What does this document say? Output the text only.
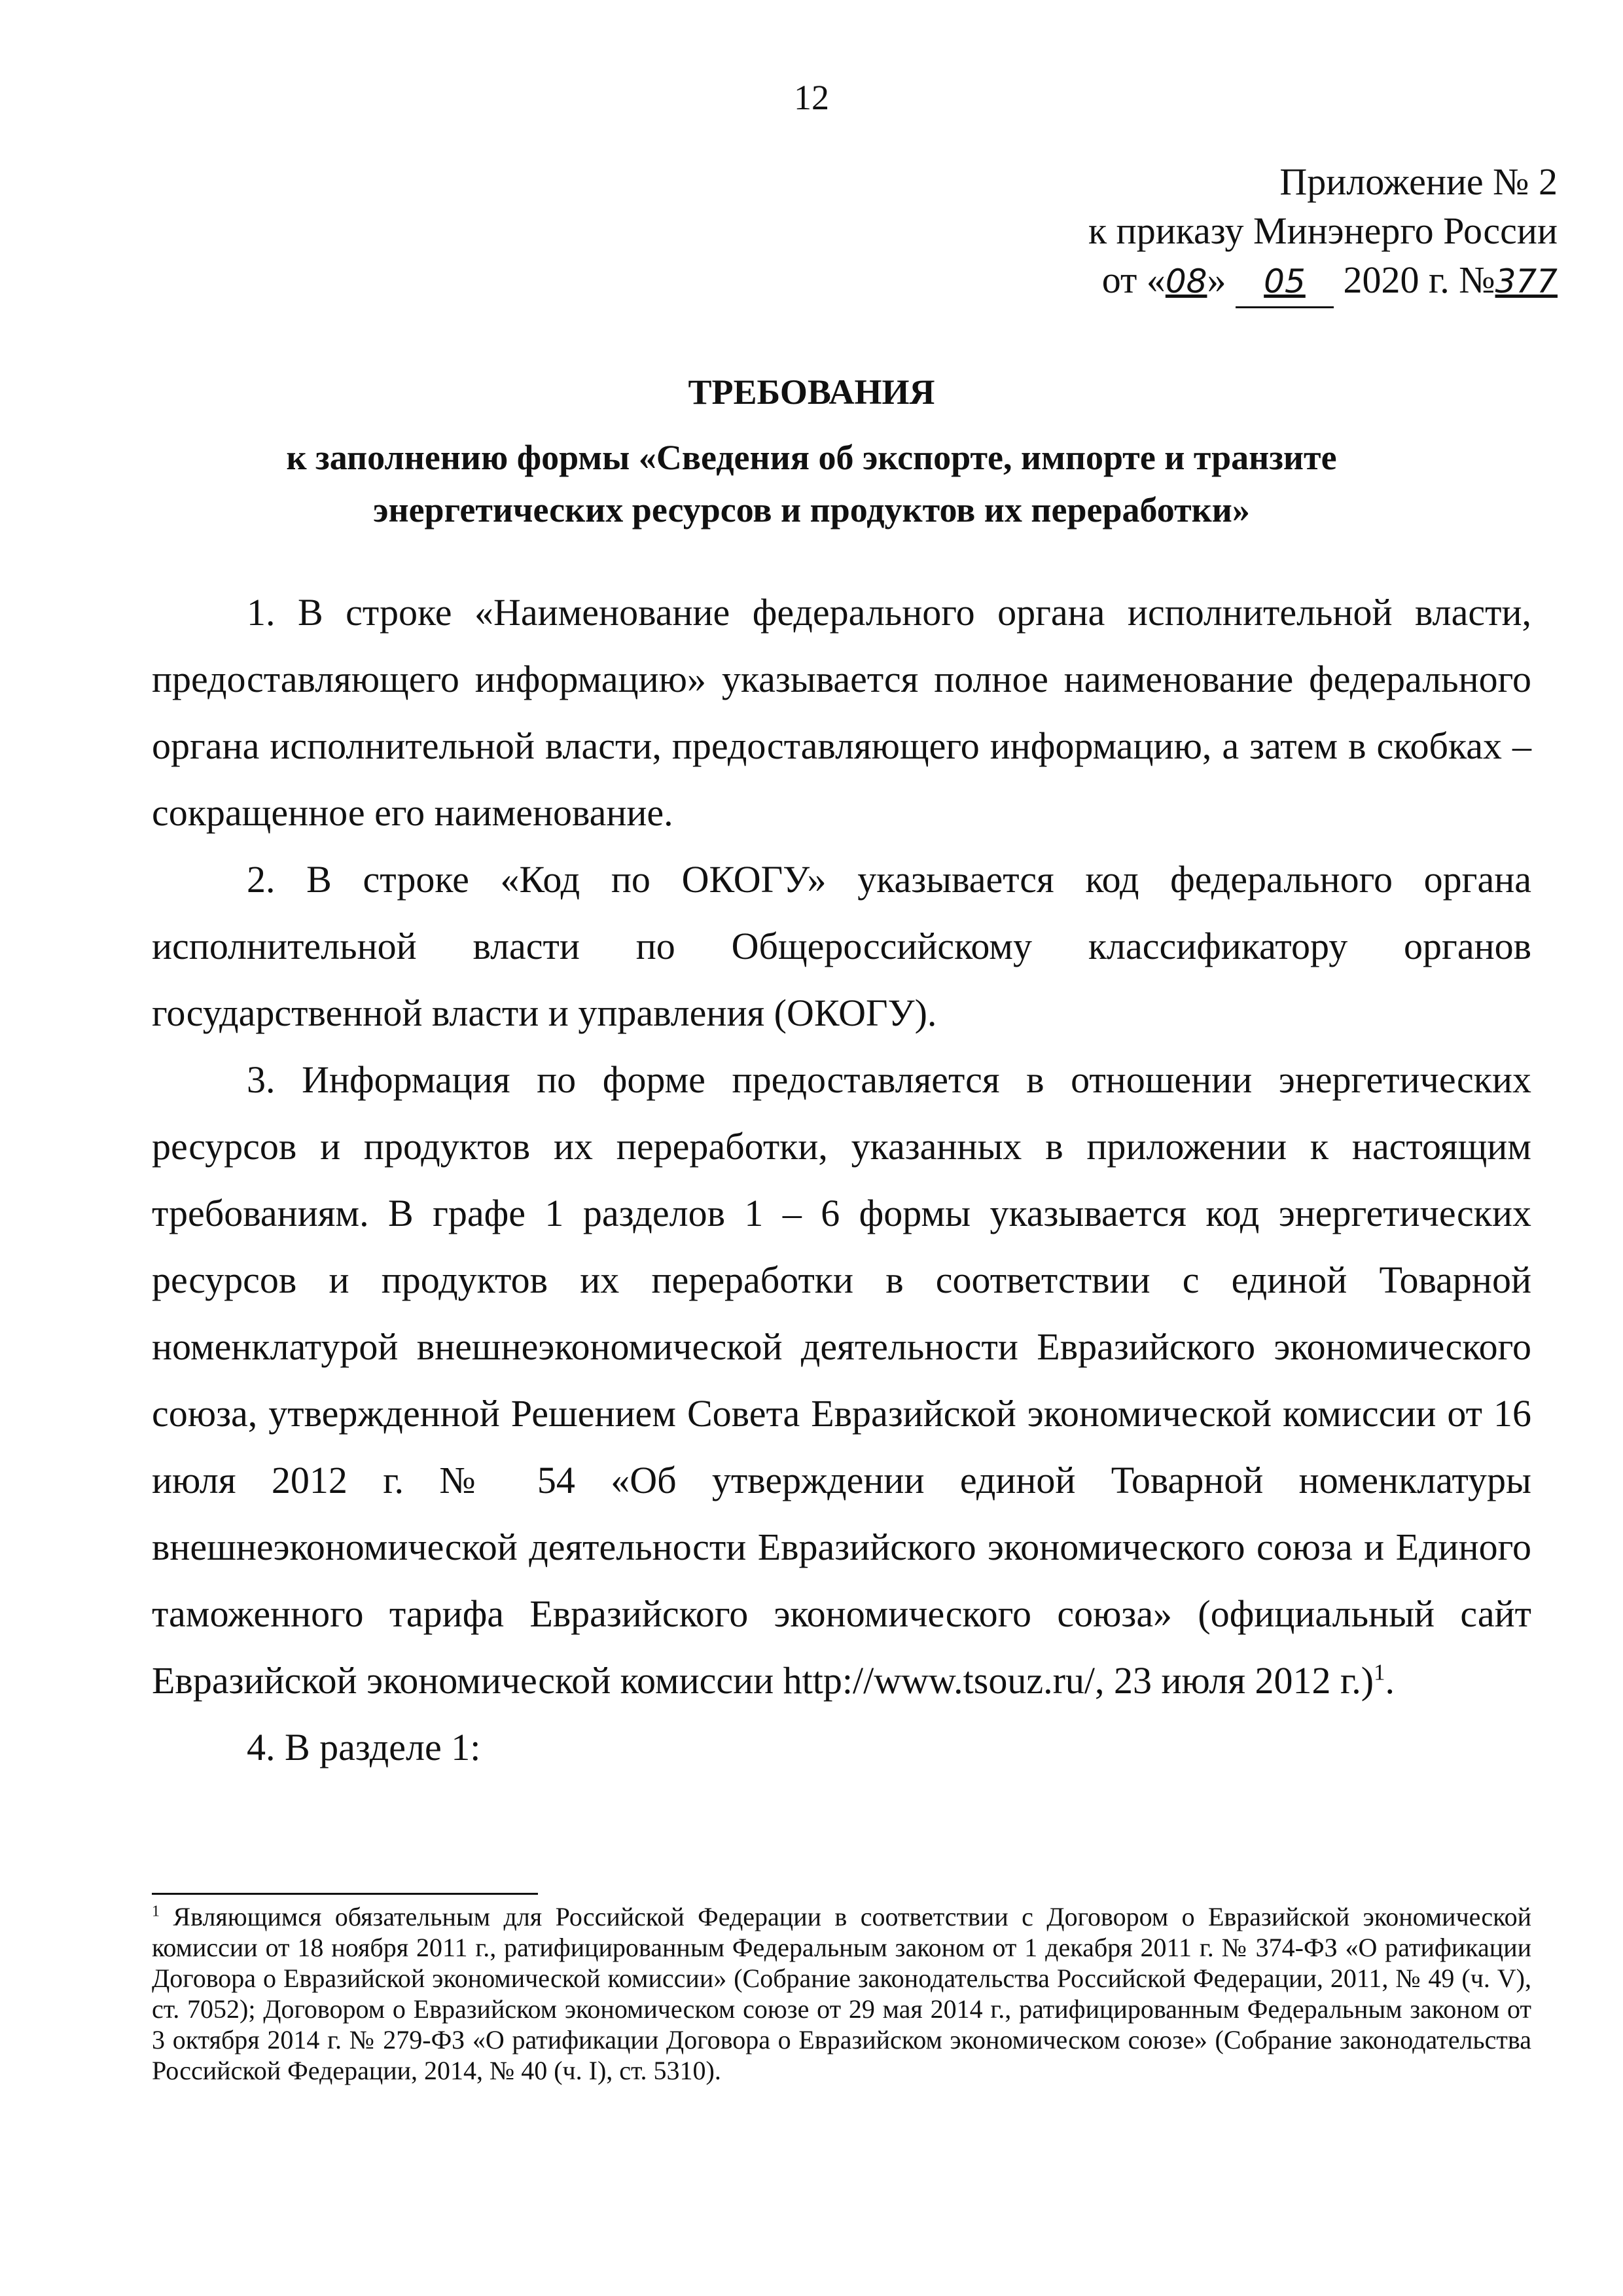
12
Приложение № 2
к приказу Минэнерго России
от «08» 05 2020 г. №377
ТРЕБОВАНИЯ
к заполнению формы «Сведения об экспорте, импорте и транзите
энергетических ресурсов и продуктов их переработки»

1. В строке «Наименование федерального органа исполнительной власти, предоставляющего информацию» указывается полное наименование федерального органа исполнительной власти, предоставляющего информацию, а затем в скобках – сокращенное его наименование.

2. В строке «Код по ОКОГУ» указывается код федерального органа исполнительной власти по Общероссийскому классификатору органов государственной власти и управления (ОКОГУ).

3. Информация по форме предоставляется в отношении энергетических ресурсов и продуктов их переработки, указанных в приложении к настоящим требованиям. В графе 1 разделов 1 – 6 формы указывается код энергетических ресурсов и продуктов их переработки в соответствии с единой Товарной номенклатурой внешнеэкономической деятельности Евразийского экономического союза, утвержденной Решением Совета Евразийской экономической комиссии от 16 июля 2012 г. № 54 «Об утверждении единой Товарной номенклатуры внешнеэкономической деятельности Евразийского экономического союза и Единого таможенного тарифа Евразийского экономического союза» (официальный сайт Евразийской экономической комиссии http://www.tsouz.ru/, 23 июля 2012 г.)$^1$.

4. В разделе 1:

$^1$ Являющимся обязательным для Российской Федерации в соответствии с Договором о Евразийской экономической комиссии от 18 ноября 2011 г., ратифицированным Федеральным законом от 1 декабря 2011 г. № 374-ФЗ «О ратификации Договора о Евразийской экономической комиссии» (Собрание законодательства Российской Федерации, 2011, № 49 (ч. V), ст. 7052); Договором о Евразийском экономическом союзе от 29 мая 2014 г., ратифицированным Федеральным законом от 3 октября 2014 г. № 279-ФЗ «О ратификации Договора о Евразийском экономическом союзе» (Собрание законодательства Российской Федерации, 2014, № 40 (ч. I), ст. 5310).
